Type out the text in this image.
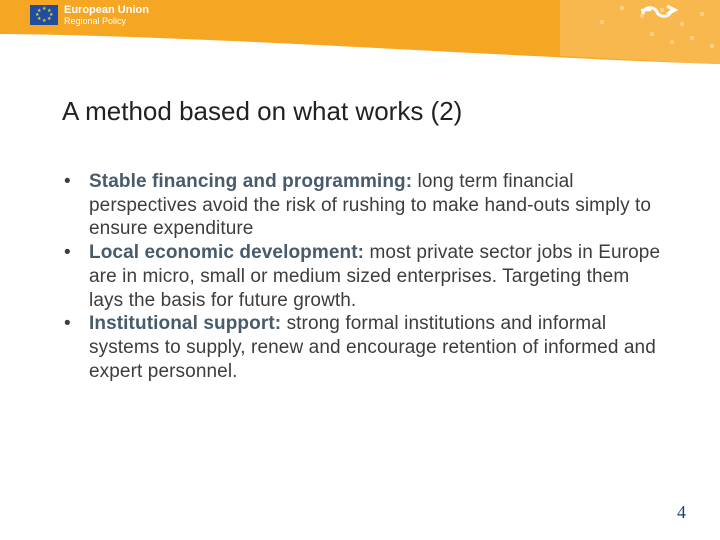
★ ★
★
★
★
★
★
★ European Union
Regional Policy
A method based on what works (2)
• Stable financing and programming: long term financial perspectives avoid the risk of rushing to make hand-outs simply to ensure expenditure
• Local economic development: most private sector jobs in Europe are in micro, small or medium sized enterprises. Targeting them lays the basis for future growth.
• Institutional support: strong formal institutions and informal systems to supply, renew and encourage retention of informed and expert personnel.
4
